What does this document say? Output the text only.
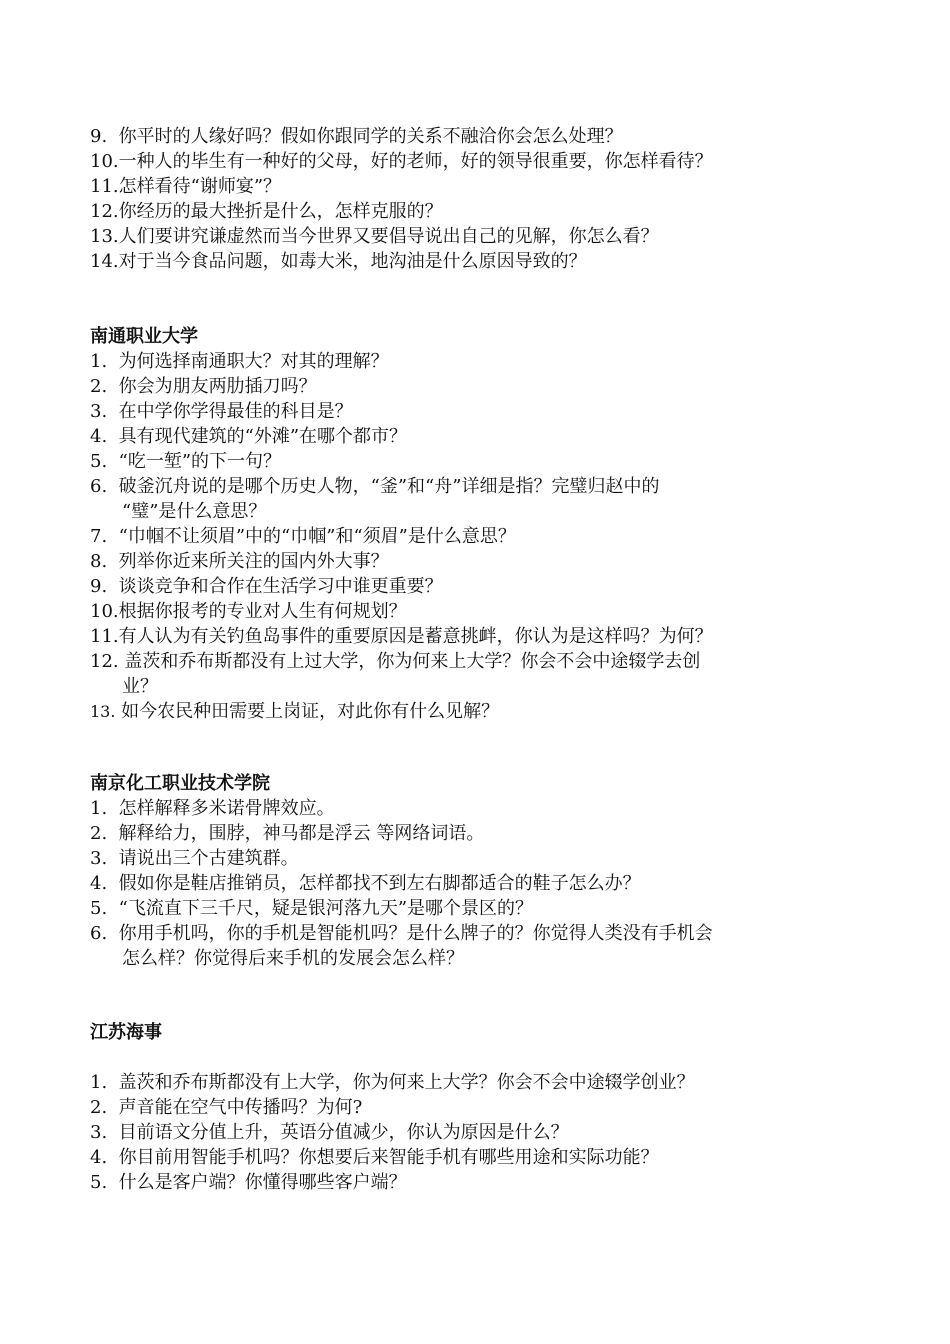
9. 你平时的人缘好吗？假如你跟同学的关系不融洽你会怎么处理？
10.一种人的毕生有一种好的父母，好的老师，好的领导很重要，你怎样看待？
11.怎样看待“谢师宴”？
12.你经历的最大挫折是什么，怎样克服的？
13.人们要讲究谦虚然而当今世界又要倡导说出自己的见解，你怎么看？
14.对于当今食品问题，如毒大米，地沟油是什么原因导致的？
南通职业大学
1. 为何选择南通职大？对其的理解？
2. 你会为朋友两肋插刀吗？
3. 在中学你学得最佳的科目是？
4. 具有现代建筑的“外滩”在哪个都市？
5. “吃一堑”的下一句？
6. 破釜沉舟说的是哪个历史人物，“釜”和“舟”详细是指？完璧归赵中的
“璧”是什么意思？
7. “巾帼不让须眉”中的“巾帼”和“须眉”是什么意思？
8. 列举你近来所关注的国内外大事？
9. 谈谈竞争和合作在生活学习中谁更重要？
10.根据你报考的专业对人生有何规划？
11.有人认为有关钓鱼岛事件的重要原因是蓄意挑衅，你认为是这样吗？为何？
12. 盖茨和乔布斯都没有上过大学，你为何来上大学？你会不会中途辍学去创
业？
13. 如今农民种田需要上岗证，对此你有什么见解？
南京化工职业技术学院
1. 怎样解释多米诺骨牌效应。
2. 解释给力，围脖，神马都是浮云 等网络词语。
3. 请说出三个古建筑群。
4. 假如你是鞋店推销员，怎样都找不到左右脚都适合的鞋子怎么办？
5. “飞流直下三千尺，疑是银河落九天”是哪个景区的？
6. 你用手机吗，你的手机是智能机吗？是什么牌子的？你觉得人类没有手机会
怎么样？你觉得后来手机的发展会怎么样？
江苏海事
1. 盖茨和乔布斯都没有上大学，你为何来上大学？你会不会中途辍学创业？
2. 声音能在空气中传播吗？为何?
3. 目前语文分值上升，英语分值减少，你认为原因是什么？
4. 你目前用智能手机吗？你想要后来智能手机有哪些用途和实际功能？
5. 什么是客户端？你懂得哪些客户端？
